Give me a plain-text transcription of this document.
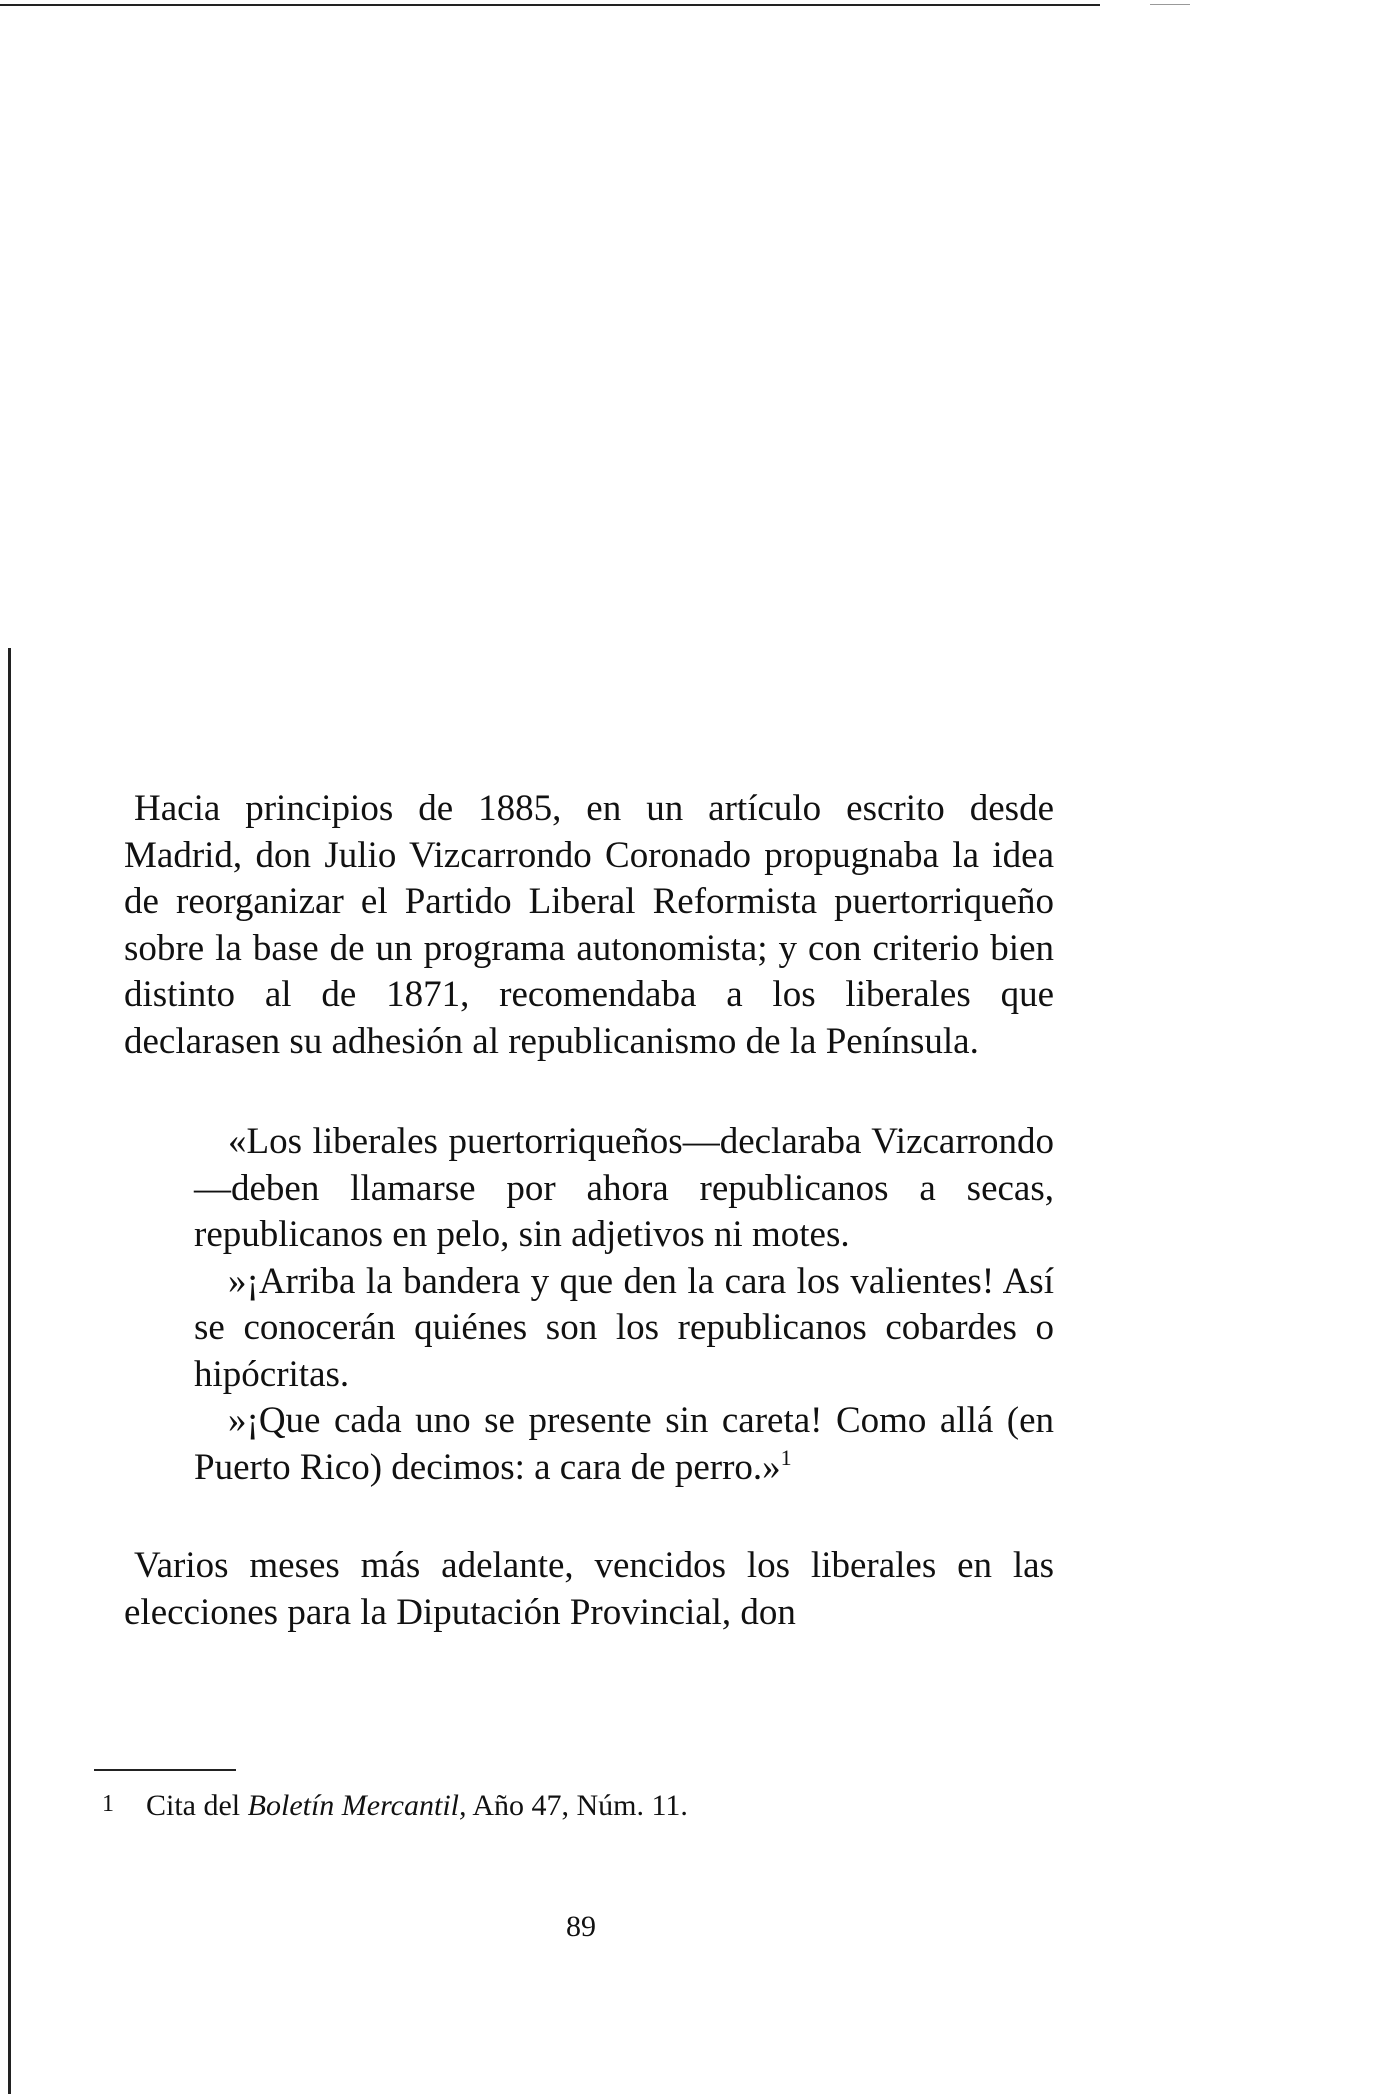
Hacia principios de 1885, en un artículo escrito desde Madrid, don Julio Vizcarrondo Coronado propugnaba la idea de reorganizar el Partido Liberal Reformista puertorriqueño sobre la base de un programa autonomista; y con criterio bien distinto al de 1871, recomendaba a los liberales que declarasen su adhesión al republicanismo de la Península.

«Los liberales puertorriqueños—declaraba Vizcarrondo—deben llamarse por ahora republicanos a secas, republicanos en pelo, sin adjetivos ni motes.

»¡Arriba la bandera y que den la cara los valientes! Así se conocerán quiénes son los republicanos cobardes o hipócritas.

»¡Que cada uno se presente sin careta! Como allá (en Puerto Rico) decimos: a cara de perro.»$^1$

Varios meses más adelante, vencidos los liberales en las elecciones para la Diputación Provincial, don

1 Cita del Boletín Mercantil, Año 47, Núm. 11.
89
